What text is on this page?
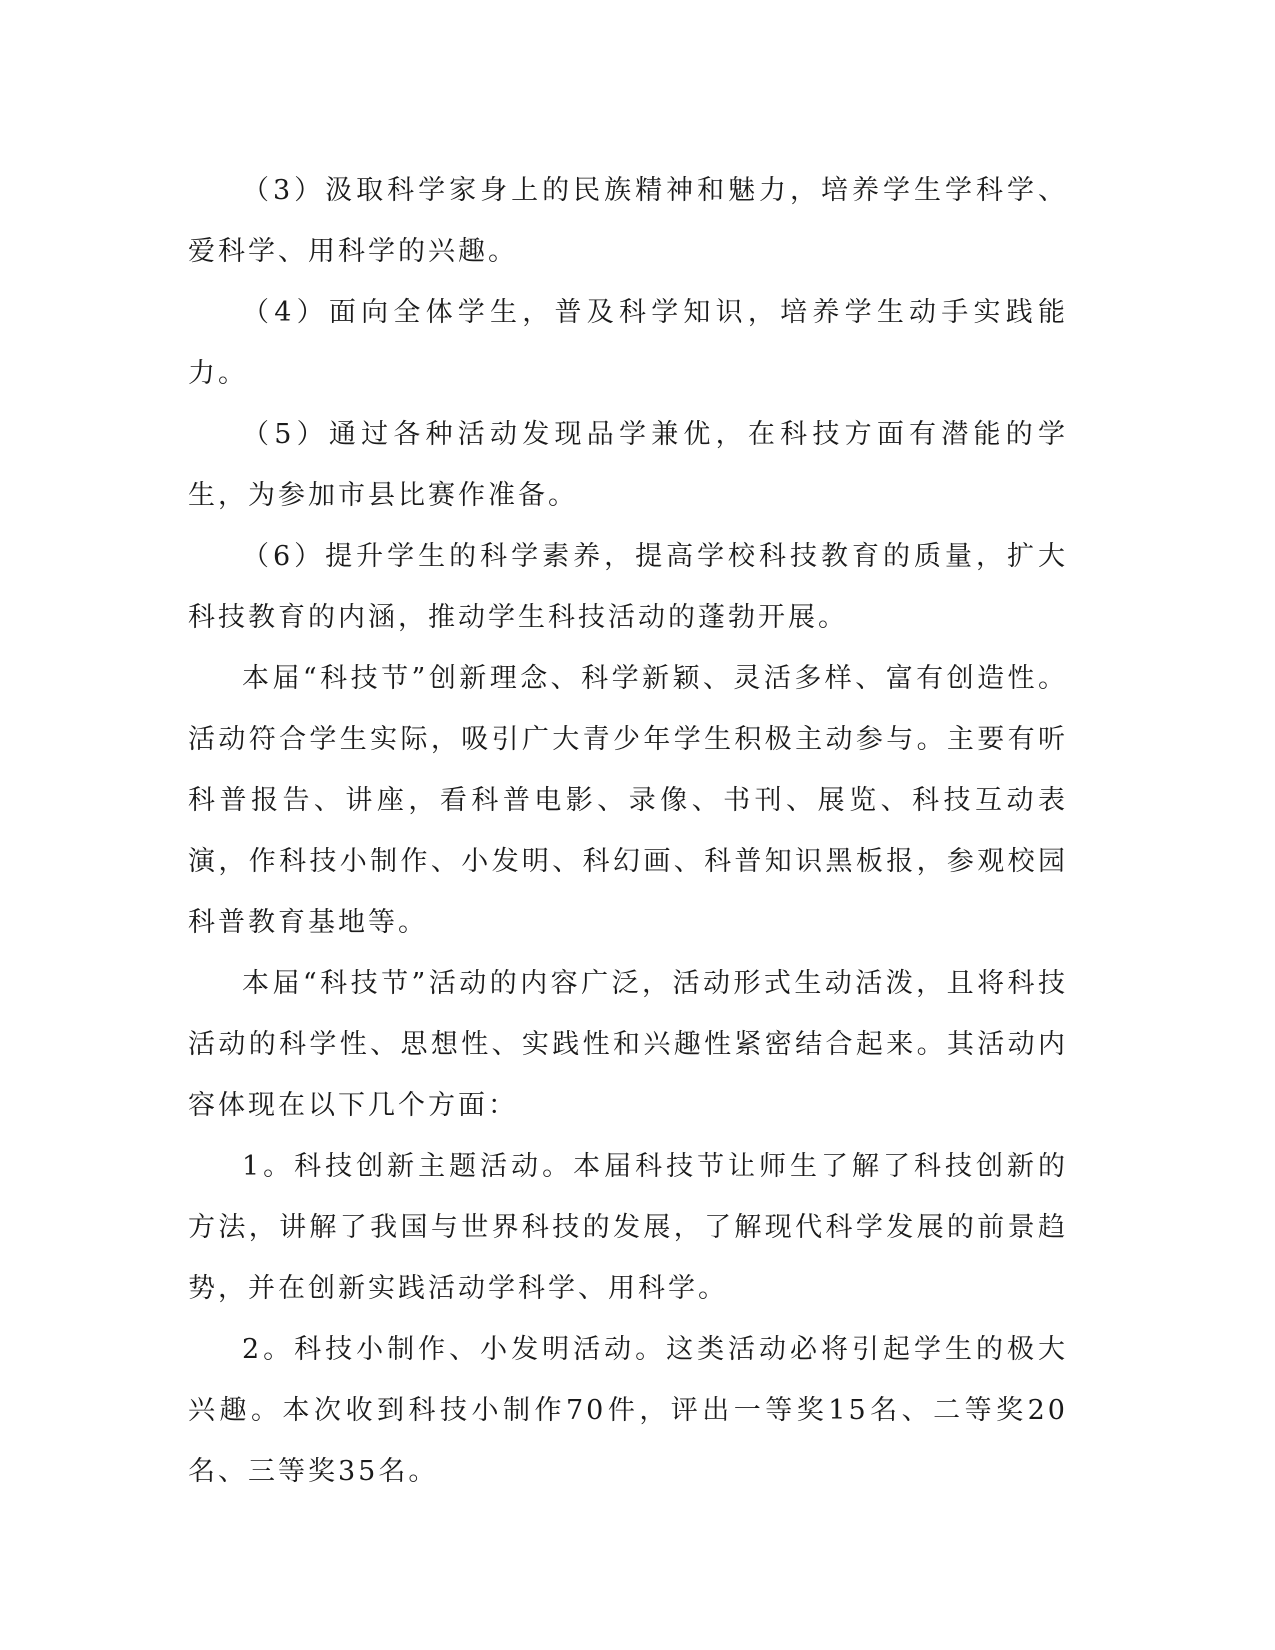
（3）汲取科学家身上的民族精神和魅力，培养学生学科学、爱科学、用科学的兴趣。

（4）面向全体学生，普及科学知识，培养学生动手实践能力。

（5）通过各种活动发现品学兼优，在科技方面有潜能的学生，为参加市县比赛作准备。

（6）提升学生的科学素养，提高学校科技教育的质量，扩大科技教育的内涵，推动学生科技活动的蓬勃开展。

本届“科技节”创新理念、科学新颖、灵活多样、富有创造性。活动符合学生实际，吸引广大青少年学生积极主动参与。主要有听科普报告、讲座，看科普电影、录像、书刊、展览、科技互动表演，作科技小制作、小发明、科幻画、科普知识黑板报，参观校园科普教育基地等。

本届“科技节”活动的内容广泛，活动形式生动活泼，且将科技活动的科学性、思想性、实践性和兴趣性紧密结合起来。其活动内容体现在以下几个方面：

1。科技创新主题活动。本届科技节让师生了解了科技创新的方法，讲解了我国与世界科技的发展，了解现代科学发展的前景趋势，并在创新实践活动学科学、用科学。

2。科技小制作、小发明活动。这类活动必将引起学生的极大兴趣。本次收到科技小制作70件，评出一等奖15名、二等奖20名、三等奖35名。
